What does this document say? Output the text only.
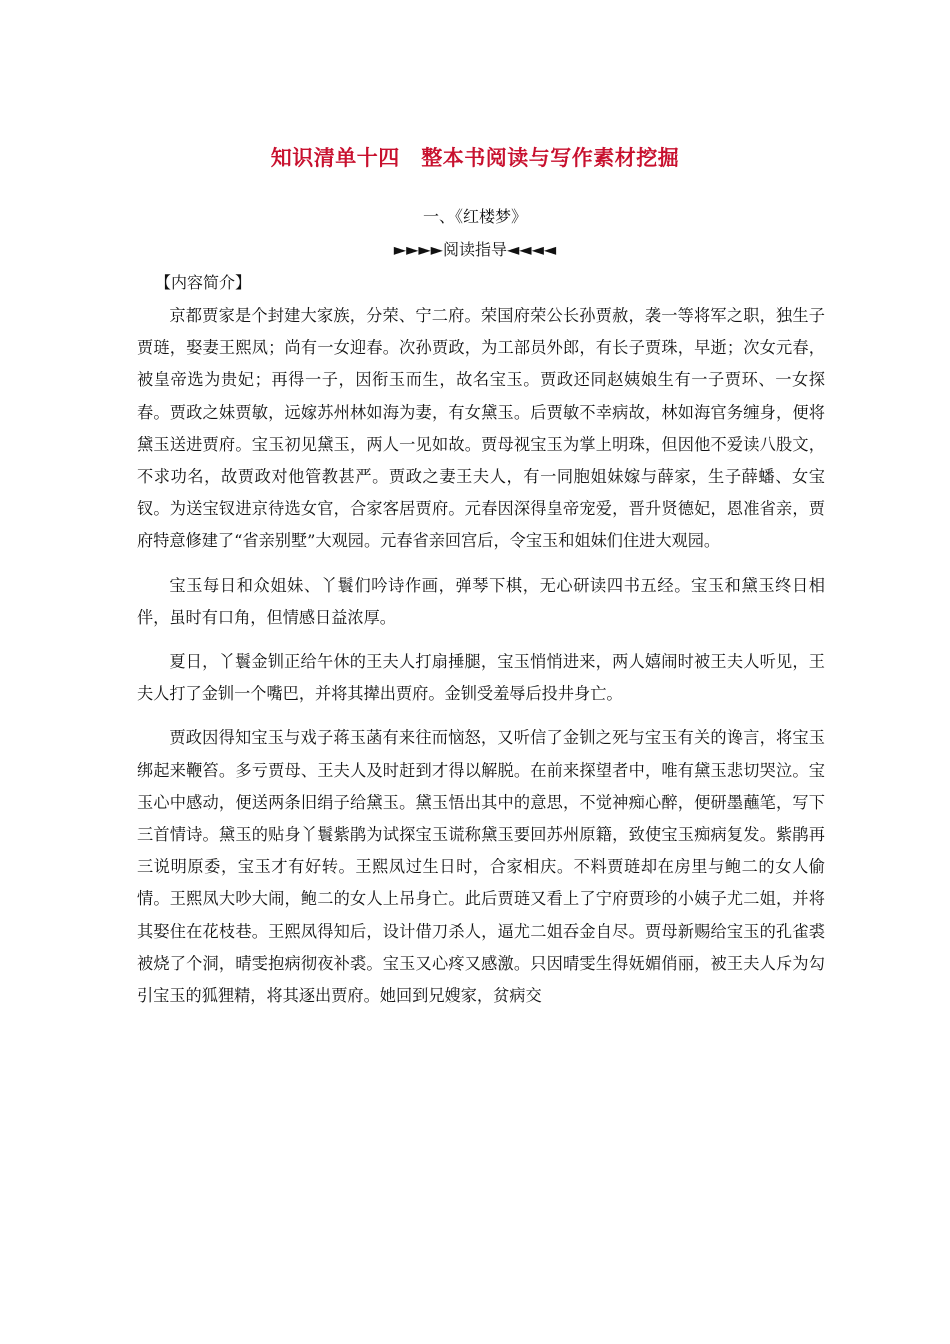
知识清单十四　整本书阅读与写作素材挖掘
一、《红楼梦》
►►►►阅读指导◄◄◄◄
【内容简介】

京都贾家是个封建大家族，分荣、宁二府。荣国府荣公长孙贾赦，袭一等将军之职，独生子贾琏，娶妻王熙凤；尚有一女迎春。次孙贾政，为工部员外郎，有长子贾珠，早逝；次女元春，被皇帝选为贵妃；再得一子，因衔玉而生，故名宝玉。贾政还同赵姨娘生有一子贾环、一女探春。贾政之妹贾敏，远嫁苏州林如海为妻，有女黛玉。后贾敏不幸病故，林如海官务缠身，便将黛玉送进贾府。宝玉初见黛玉，两人一见如故。贾母视宝玉为掌上明珠，但因他不爱读八股文，不求功名，故贾政对他管教甚严。贾政之妻王夫人，有一同胞姐妹嫁与薛家，生子薛蟠、女宝钗。为送宝钗进京待选女官，合家客居贾府。元春因深得皇帝宠爱，晋升贤德妃，恩准省亲，贾府特意修建了“省亲别墅”大观园。元春省亲回宫后，令宝玉和姐妹们住进大观园。

宝玉每日和众姐妹、丫鬟们吟诗作画，弹琴下棋，无心研读四书五经。宝玉和黛玉终日相伴，虽时有口角，但情感日益浓厚。

夏日，丫鬟金钏正给午休的王夫人打扇捶腿，宝玉悄悄进来，两人嬉闹时被王夫人听见，王夫人打了金钏一个嘴巴，并将其撵出贾府。金钏受羞辱后投井身亡。

贾政因得知宝玉与戏子蒋玉菡有来往而恼怒，又听信了金钏之死与宝玉有关的谗言，将宝玉绑起来鞭笞。多亏贾母、王夫人及时赶到才得以解脱。在前来探望者中，唯有黛玉悲切哭泣。宝玉心中感动，便送两条旧绢子给黛玉。黛玉悟出其中的意思，不觉神痴心醉，便研墨蘸笔，写下三首情诗。黛玉的贴身丫鬟紫鹃为试探宝玉谎称黛玉要回苏州原籍，致使宝玉痴病复发。紫鹃再三说明原委，宝玉才有好转。王熙凤过生日时，合家相庆。不料贾琏却在房里与鲍二的女人偷情。王熙凤大吵大闹，鲍二的女人上吊身亡。此后贾琏又看上了宁府贾珍的小姨子尤二姐，并将其娶住在花枝巷。王熙凤得知后，设计借刀杀人，逼尤二姐吞金自尽。贾母新赐给宝玉的孔雀裘被烧了个洞，晴雯抱病彻夜补裘。宝玉又心疼又感激。只因晴雯生得妩媚俏丽，被王夫人斥为勾引宝玉的狐狸精，将其逐出贾府。她回到兄嫂家，贫病交
